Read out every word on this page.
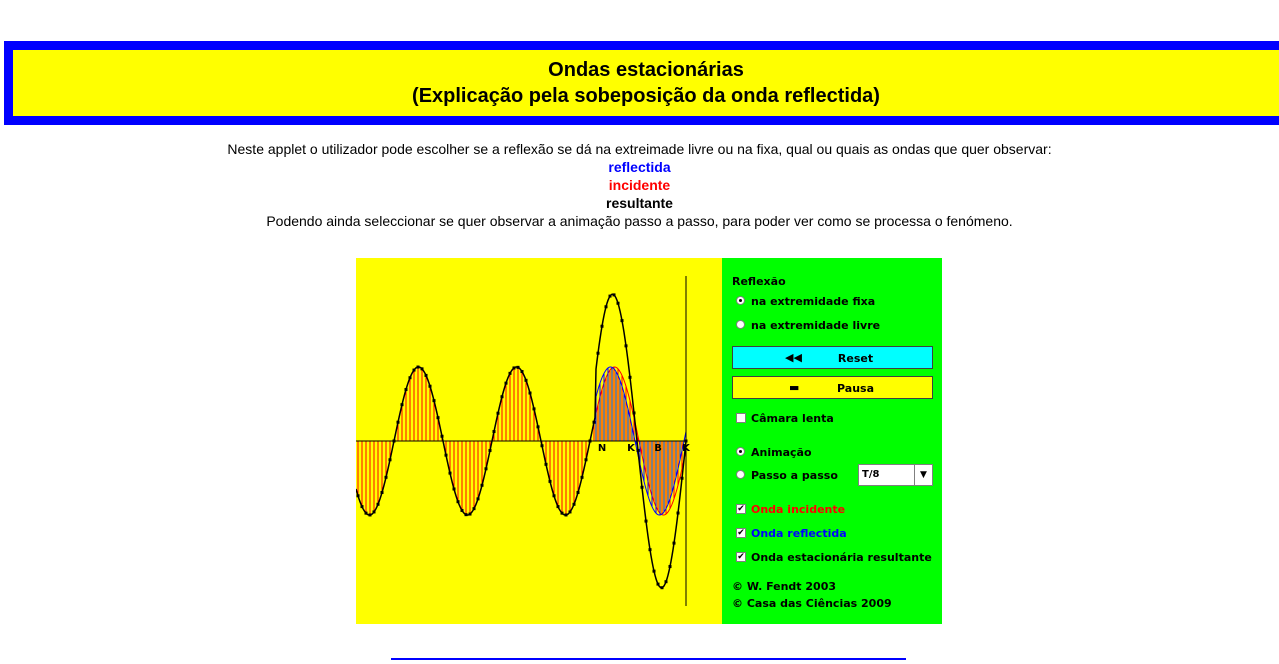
Ondas estacionárias
(Explicação pela sobeposição da onda reflectida)
Neste applet o utilizador pode escolher se a reflexão se dá na extreimade livre ou na fixa, qual ou quais as ondas que quer observar:
reflectida
incidente
resultante
Podendo ainda seleccionar se quer observar a animação passo a passo, para poder ver como se processa o fenómeno.
N K B K
Reflexão
na extremidade fixa
na extremidade livre
◀◀	Reset
▬	Pausa
Câmara lenta
Animação
Passo a passo T/8	▼
✔ Onda incidente
✔ Onda reflectida
✔ Onda estacionária resultante
© W. Fendt 2003
© Casa das Ciências 2009
